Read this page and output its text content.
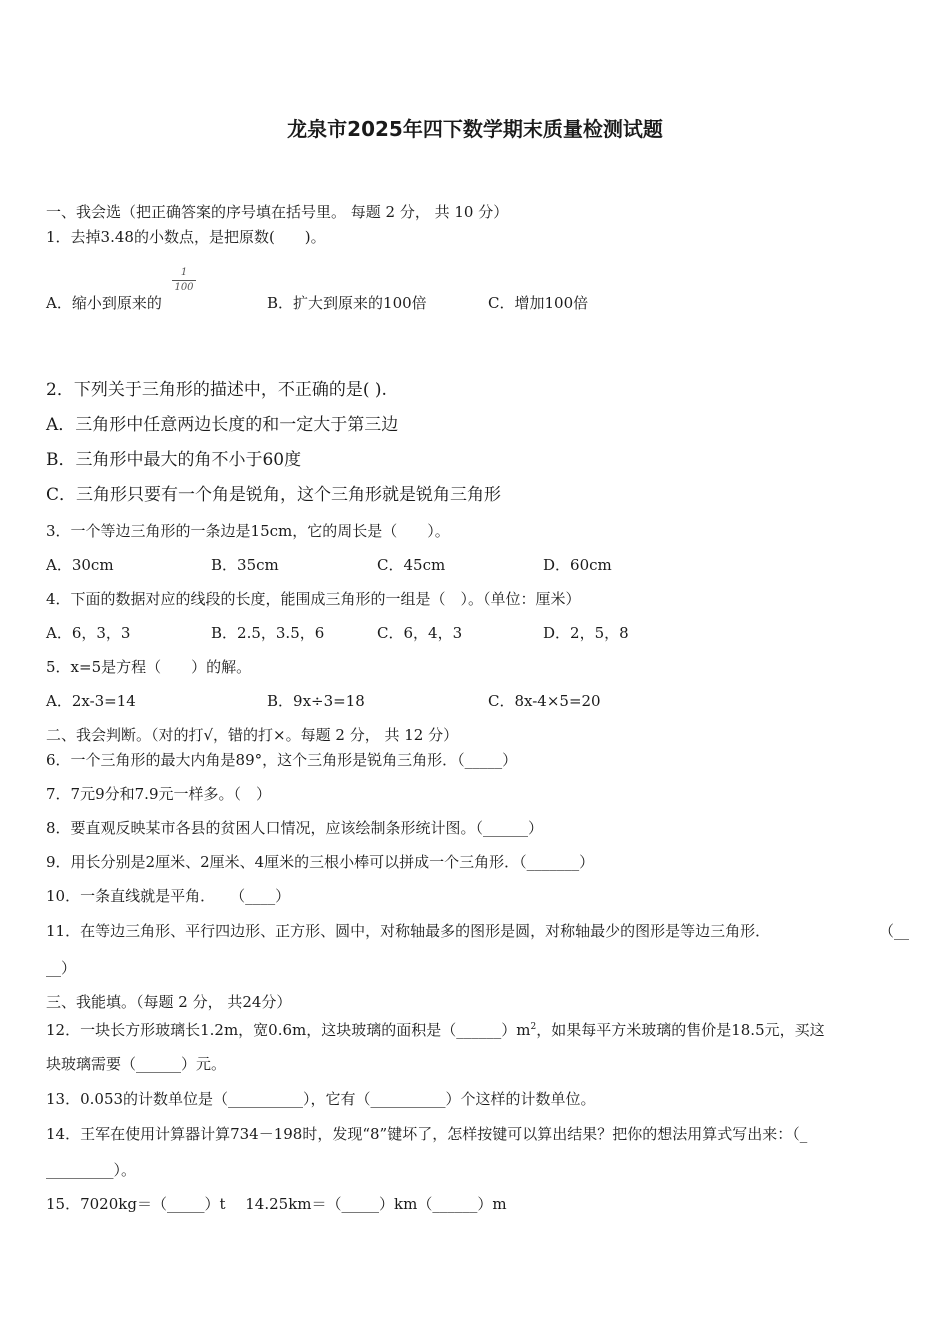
龙泉市2025年四下数学期末质量检测试题
一、我会选（把正确答案的序号填在括号里。 每题 2 分， 共 10 分）
1．去掉3.48的小数点，是把原数(　　)。
1
100
A．缩小到原来的	B．扩大到原来的100倍	C．增加100倍
2．下列关于三角形的描述中，不正确的是( ).
A．三角形中任意两边长度的和一定大于第三边
B．三角形中最大的角不小于60度
C．三角形只要有一个角是锐角，这个三角形就是锐角三角形
3．一个等边三角形的一条边是15cm，它的周长是（　　）。
A．30cm	B．35cm	C．45cm	D．60cm
4．下面的数据对应的线段的长度，能围成三角形的一组是（　）。（单位：厘米）
A．6，3，3	B．2.5，3.5，6	C．6，4，3	D．2，5，8
5．x=5是方程（　　）的解。
A．2x-3=14	B．9x÷3=18	C．8x-4×5=20
二、我会判断。（对的打√，错的打×。每题 2 分， 共 12 分）
6．一个三角形的最大内角是89°，这个三角形是锐角三角形．（_____）
7．7元9分和7.9元一样多。（　）
8．要直观反映某市各县的贫困人口情况，应该绘制条形统计图。（______）
9．用长分别是2厘米、2厘米、4厘米的三根小棒可以拼成一个三角形．（_______）
10．一条直线就是平角．　　（____）
11．在等边三角形、平行四边形、正方形、圆中，对称轴最多的图形是圆，对称轴最少的图形是等边三角形．	（__
__）
三、我能填。（每题 2 分， 共24分）
12．一块长方形玻璃长1.2m，宽0.6m，这块玻璃的面积是$(\_\_\_\_\_\_)m^2$，如果每平方米玻璃的售价是18.5元，买这
块玻璃需要（______）元。
13．0.053的计数单位是（__________），它有（__________）个这样的计数单位。
14．王军在使用计算器计算734－198时，发现“8”键坏了，怎样按键可以算出结果？把你的想法用算式写出来：（_
_________）。
15．7020kg＝（_____）t　 14.25km＝（_____）km（______）m
